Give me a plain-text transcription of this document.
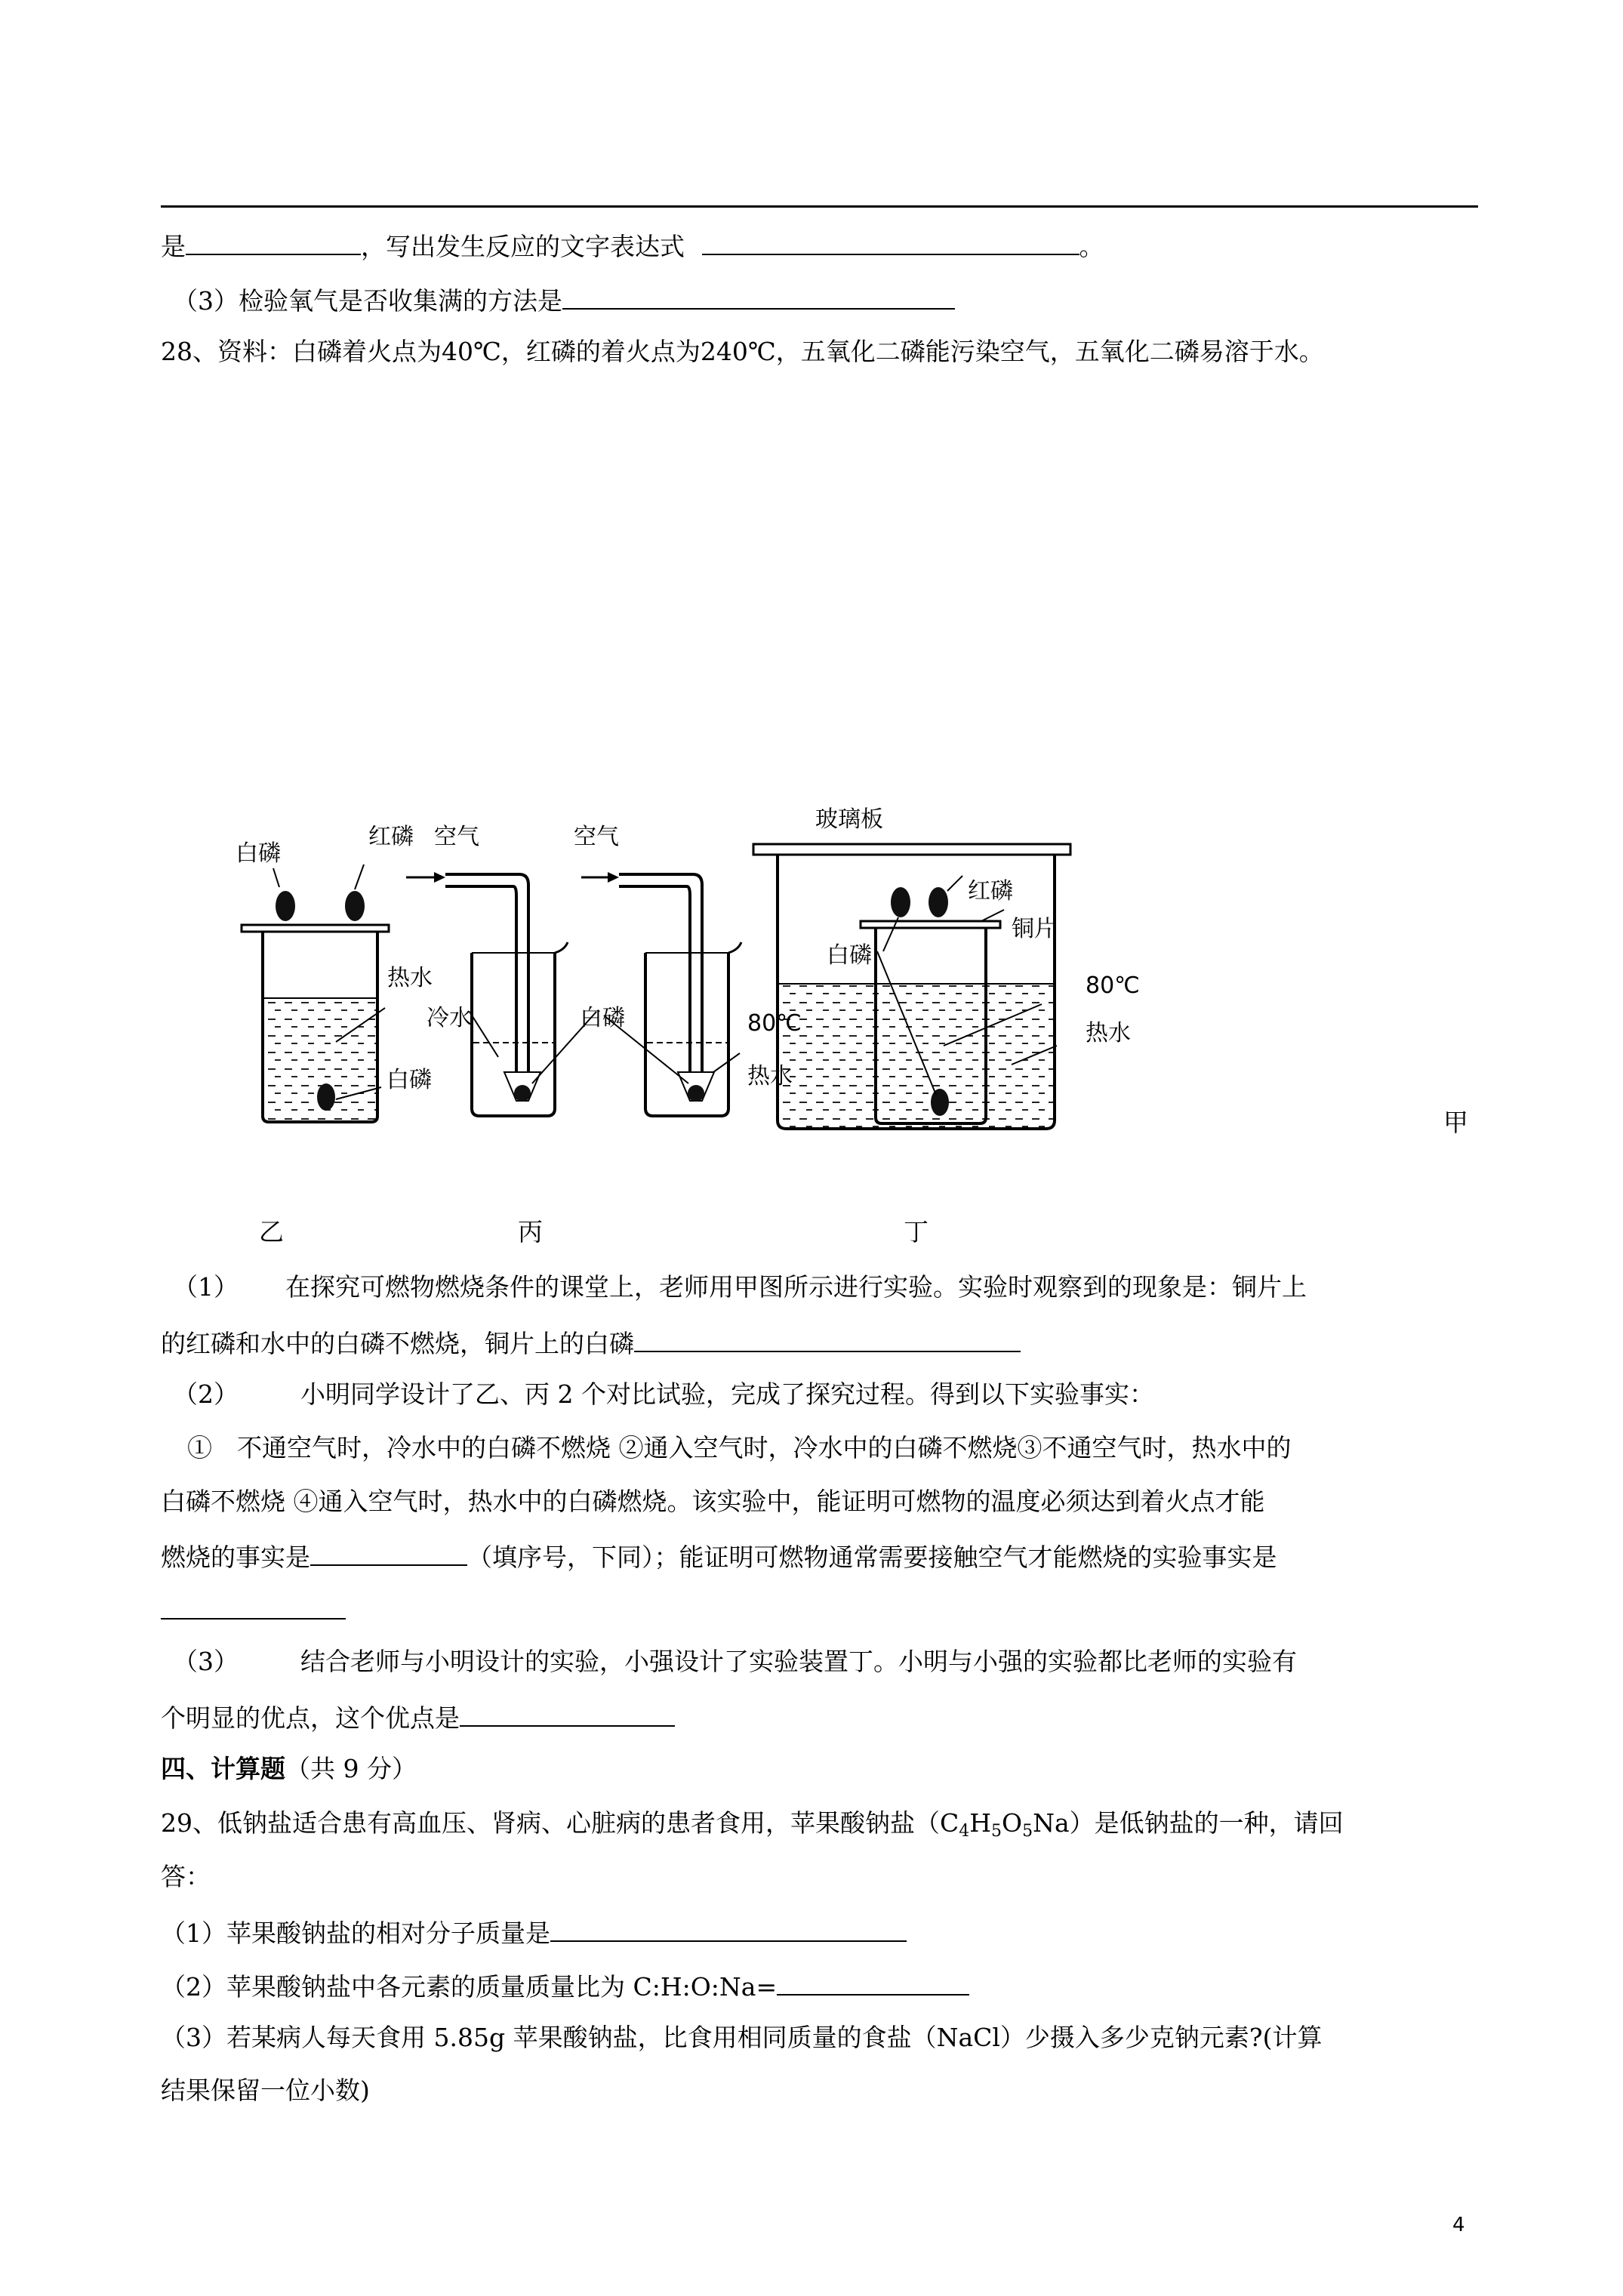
是	，写出发生反应的文字表达式	。
（3）检验氧气是否收集满的方法是
28、资料：白磷着火点为40℃，红磷的着火点为240℃，五氧化二磷能污染空气，五氧化二磷易溶于水。
白磷
红磷 空气	空气
热水
白磷
冷水	白磷	80℃
热水
玻璃板
红磷
铜片
白磷
80℃
热水
甲
乙	丙	丁
（1） 在探究可燃物燃烧条件的课堂上，老师用甲图所示进行实验。实验时观察到的现象是：铜片上
的红磷和水中的白磷不燃烧，铜片上的白磷
（2） 小明同学设计了乙、丙 2 个对比试验，完成了探究过程。得到以下实验事实：
①　不通空气时，冷水中的白磷不燃烧 ②通入空气时，冷水中的白磷不燃烧③不通空气时，热水中的
白磷不燃烧 ④通入空气时，热水中的白磷燃烧。该实验中，能证明可燃物的温度必须达到着火点才能
燃烧的事实是	（填序号，下同）；能证明可燃物通常需要接触空气才能燃烧的实验事实是
（3） 结合老师与小明设计的实验，小强设计了实验装置丁。小明与小强的实验都比老师的实验有
个明显的优点，这个优点是
四、计算题（共 9 分）
29、低钠盐适合患有高血压、肾病、心脏病的患者食用，苹果酸钠盐$(C_4H_5O_5Na)$是低钠盐的一种，请回
答：
（1）苹果酸钠盐的相对分子质量是
（2）苹果酸钠盐中各元素的质量质量比为 C:H:O:Na=
（3）若某病人每天食用 5.85g 苹果酸钠盐，比食用相同质量的食盐（NaCl）少摄入多少克钠元素?(计算
结果保留一位小数)
4
